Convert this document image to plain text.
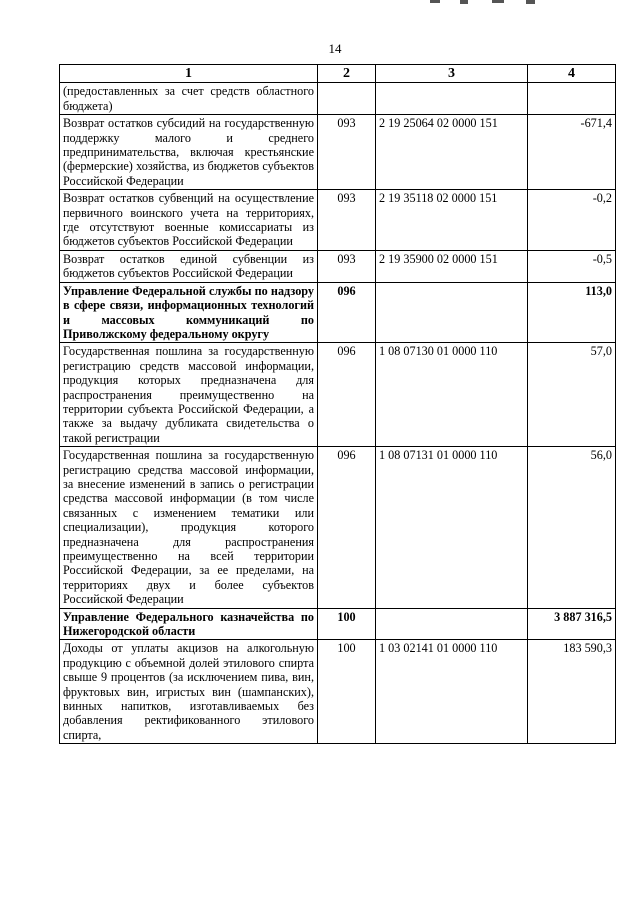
14
1	2	3	4
(предоставленных за счет средств областного бюджета)			
Возврат остатков субсидий на государственную поддержку малого и среднего предпринимательства, включая крестьянские (фермерские) хозяйства, из бюджетов субъектов Российской Федерации	093	2 19 25064 02 0000 151	-671,4
Возврат остатков субвенций на осуществление первичного воинского учета на территориях, где отсутствуют военные комиссариаты из бюджетов субъектов Российской Федерации	093	2 19 35118 02 0000 151	-0,2
Возврат остатков единой субвенции из бюджетов субъектов Российской Федерации	093	2 19 35900 02 0000 151	-0,5
Управление Федеральной службы по надзору в сфере связи, информационных технологий и массовых коммуникаций по Приволжскому федеральному округу	096		113,0
Государственная пошлина за государственную регистрацию средств массовой информации, продукция которых предназначена для распространения преимущественно на территории субъекта Российской Федерации, а также за выдачу дубликата свидетельства о такой регистрации	096	1 08 07130 01 0000 110	57,0
Государственная пошлина за государственную регистрацию средства массовой информации, за внесение изменений в запись о регистрации средства массовой информации (в том числе связанных с изменением тематики или специализации), продукция которого предназначена для распространения преимущественно на всей территории Российской Федерации, за ее пределами, на территориях двух и более субъектов Российской Федерации	096	1 08 07131 01 0000 110	56,0
Управление Федерального казначейства по Нижегородской области	100		3 887 316,5
Доходы от уплаты акцизов на алкогольную продукцию с объемной долей этилового спирта свыше 9 процентов (за исключением пива, вин, фруктовых вин, игристых вин (шампанских), винных напитков, изготавливаемых без добавления ректификованного этилового спирта,	100	1 03 02141 01 0000 110	183 590,3
